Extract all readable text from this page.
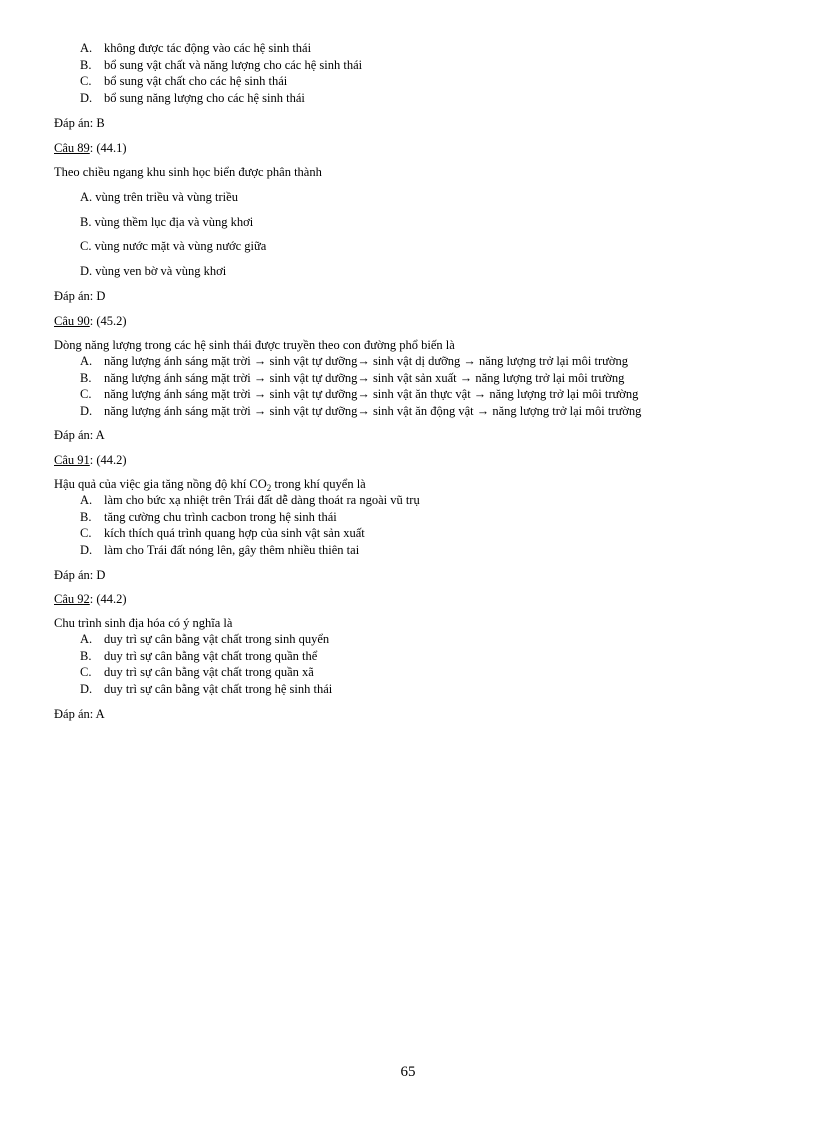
A. không được tác động vào các hệ sinh thái
B.	bổ sung vật chất và năng lượng cho các hệ sinh thái
C.	bổ sung vật chất cho các hệ sinh thái
D. bổ sung năng lượng cho các hệ sinh thái
Đáp án: B
Câu 89: (44.1)
Theo chiều ngang khu sinh học biển được phân thành
A. vùng trên triều và vùng triều
B. vùng thềm lục địa và vùng khơi
C. vùng nước mặt và vùng nước giữa
D. vùng ven bờ và vùng khơi
Đáp án: D
Câu 90: (45.2)
Dòng năng lượng trong các hệ sinh thái được truyền theo con đường phổ biến là
A. năng lượng ánh sáng mặt trời → sinh vật tự dưỡng→ sinh vật dị dưỡng → năng lượng trở lại môi trường
B.	năng lượng ánh sáng mặt trời → sinh vật tự dưỡng→ sinh vật sản xuất → năng lượng trở lại môi trường
C.	năng lượng ánh sáng mặt trời → sinh vật tự dưỡng→ sinh vật ăn thực vật → năng lượng trở lại môi trường
D. năng lượng ánh sáng mặt trời → sinh vật tự dưỡng→ sinh vật ăn động vật → năng lượng trở lại môi trường
Đáp án: A
Câu 91: (44.2)
Hậu quả của việc gia tăng nồng độ khí $CO_2$ trong khí quyển là
A. làm cho bức xạ nhiệt trên Trái đất dễ dàng thoát ra ngoài vũ trụ
B.	tăng cường chu trình cacbon trong hệ sinh thái
C.	kích thích quá trình quang hợp của sinh vật sản xuất
D. làm cho Trái đất nóng lên, gây thêm nhiều thiên tai
Đáp án: D
Câu 92: (44.2)
Chu trình sinh địa hóa có ý nghĩa là
A. duy trì sự cân bằng vật chất trong sinh quyển
B.	duy trì sự cân bằng vật chất trong quần thể
C.	duy trì sự cân bằng vật chất trong quần xã
D. duy trì sự cân bằng vật chất trong hệ sinh thái
Đáp án: A
65
